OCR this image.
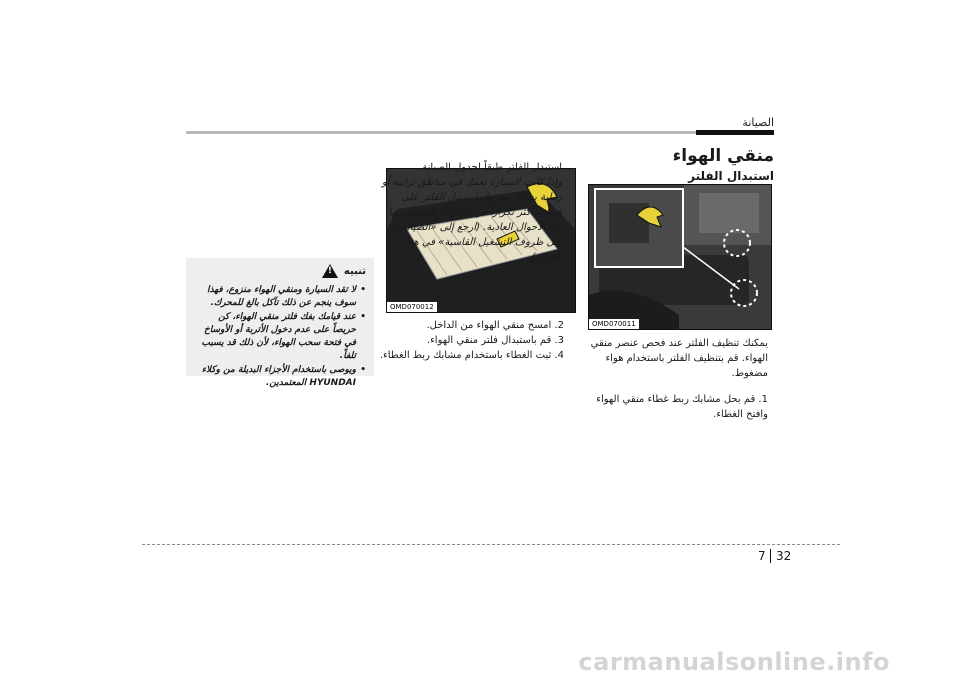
الصيانة
منقي الهواء
استبدال الفلتر
OMD070011
OMD070012
يمكنك تنظيف الفلتر عند فحص عنصر منقي الهواء. قم بتنظيف الفلتر باستخدام هواء مضغوط.
1. قم بحل مشابك ربط غطاء منقي الهواء وافتح الغطاء.
2. امسح منقي الهواء من الداخل.
3. قم باستبدال فلتر منقي الهواء.
4. ثبت الغطاء باستخدام مشابك ربط الغطاء.
استبدل الفلتر طبقاً لجدول الصيانة.
وإذا كانت السيارة تعمل في مناطق ترابية أو رملية بشكل مفرط، استبدل الفلتر على فترات أكثر تكراراً من الفترات الموصى بها في الأحوال العادية. (ارجع إلى «الصيانة في ظل ظروف التشغيل القاسية» في هذا القسم).
تنبيه
!
• لا تقد السيارة ومنقي الهواء منزوع، فهذا سوف ينجم عن ذلك تآكل بالغ للمحرك.
• عند قيامك بفك فلتر منقي الهواء، كن حريصاً على عدم دخول الأتربة أو الأوساخ في فتحة سحب الهواء، لأن ذلك قد يسبب تلفاً.
• ويوصى باستخدام الأجزاء البديلة من وكلاء HYUNDAI المعتمدين.
7 32
carmanualsonline.info
